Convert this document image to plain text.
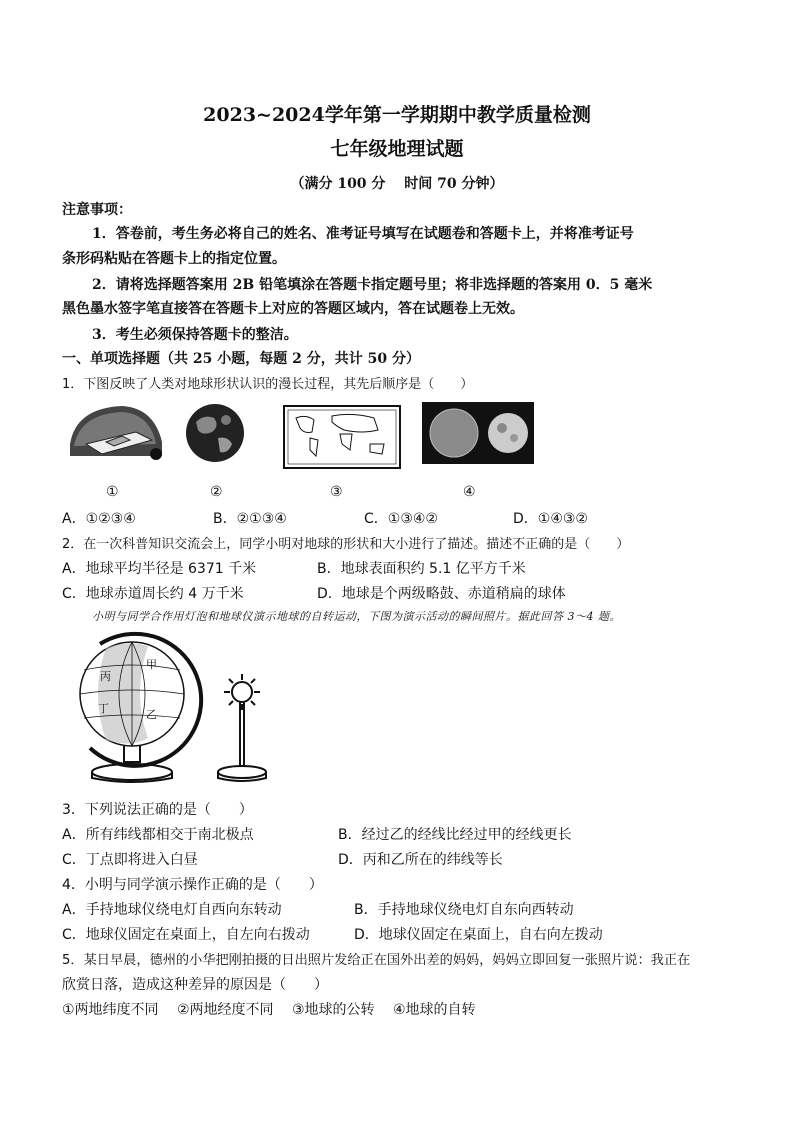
2023~2024学年第一学期期中教学质量检测
七年级地理试题
（满分 100 分　 时间 70 分钟）
注意事项：
1．答卷前，考生务必将自己的姓名、准考证号填写在试题卷和答题卡上，并将准考证号
条形码粘贴在答题卡上的指定位置。
2．请将选择题答案用 2B 铅笔填涂在答题卡指定题号里；将非选择题的答案用 0．5 毫米
黑色墨水签字笔直接答在答题卡上对应的答题区域内，答在试题卷上无效。
3．考生必须保持答题卡的整洁。
一、单项选择题（共 25 小题，每题 2 分，共计 50 分）
1．下图反映了人类对地球形状认识的漫长过程，其先后顺序是（　　）
①	②	③	④
A．①②③④	B．②①③④	C．①③④②	D．①④③②
2．在一次科普知识交流会上，同学小明对地球的形状和大小进行了描述。描述不正确的是（　　）
A．地球平均半径是 6371 千米	B．地球表面积约 5.1 亿平方千米
C．地球赤道周长约 4 万千米	D．地球是个两级略鼓、赤道稍扁的球体
小明与同学合作用灯泡和地球仪演示地球的自转运动，下图为演示活动的瞬间照片。据此回答 3～4 题。
甲
丙
丁	乙
3．下列说法正确的是（　　）
A．所有纬线都相交于南北极点	B．经过乙的经线比经过甲的经线更长
C．丁点即将进入白昼	D．丙和乙所在的纬线等长
4．小明与同学演示操作正确的是（　　）
A．手持地球仪绕电灯自西向东转动	B．手持地球仪绕电灯自东向西转动
C．地球仪固定在桌面上，自左向右拨动	D．地球仪固定在桌面上，自右向左拨动
5．某日早晨，德州的小华把刚拍摄的日出照片发给正在国外出差的妈妈，妈妈立即回复一张照片说：我正在
欣赏日落，造成这种差异的原因是（　　）
①两地纬度不同　 ②两地经度不同　 ③地球的公转　 ④地球的自转
